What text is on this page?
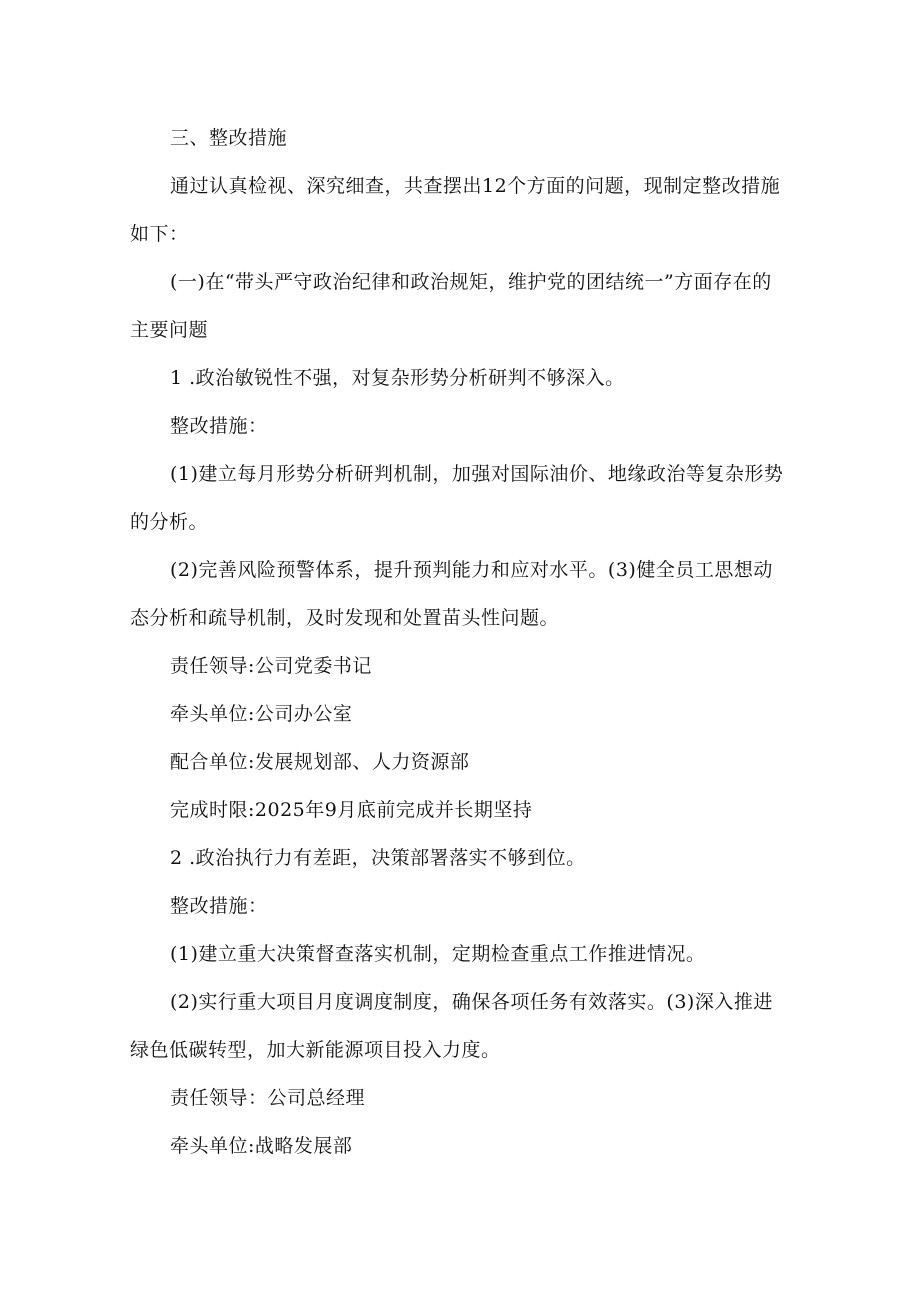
三、整改措施

通过认真检视、深究细查，共查摆出12个方面的问题，现制定整改措施如下：

(一)在“带头严守政治纪律和政治规矩，维护党的团结统一”方面存在的主要问题

1 .政治敏锐性不强，对复杂形势分析研判不够深入。

整改措施：

(1)建立每月形势分析研判机制，加强对国际油价、地缘政治等复杂形势的分析。

(2)完善风险预警体系，提升预判能力和应对水平。(3)健全员工思想动态分析和疏导机制，及时发现和处置苗头性问题。

责任领导:公司党委书记

牵头单位:公司办公室

配合单位:发展规划部、人力资源部

完成时限:2025年9月底前完成并长期坚持

2 .政治执行力有差距，决策部署落实不够到位。

整改措施：

(1)建立重大决策督查落实机制，定期检查重点工作推进情况。

(2)实行重大项目月度调度制度，确保各项任务有效落实。(3)深入推进绿色低碳转型，加大新能源项目投入力度。

责任领导：公司总经理

牵头单位:战略发展部
